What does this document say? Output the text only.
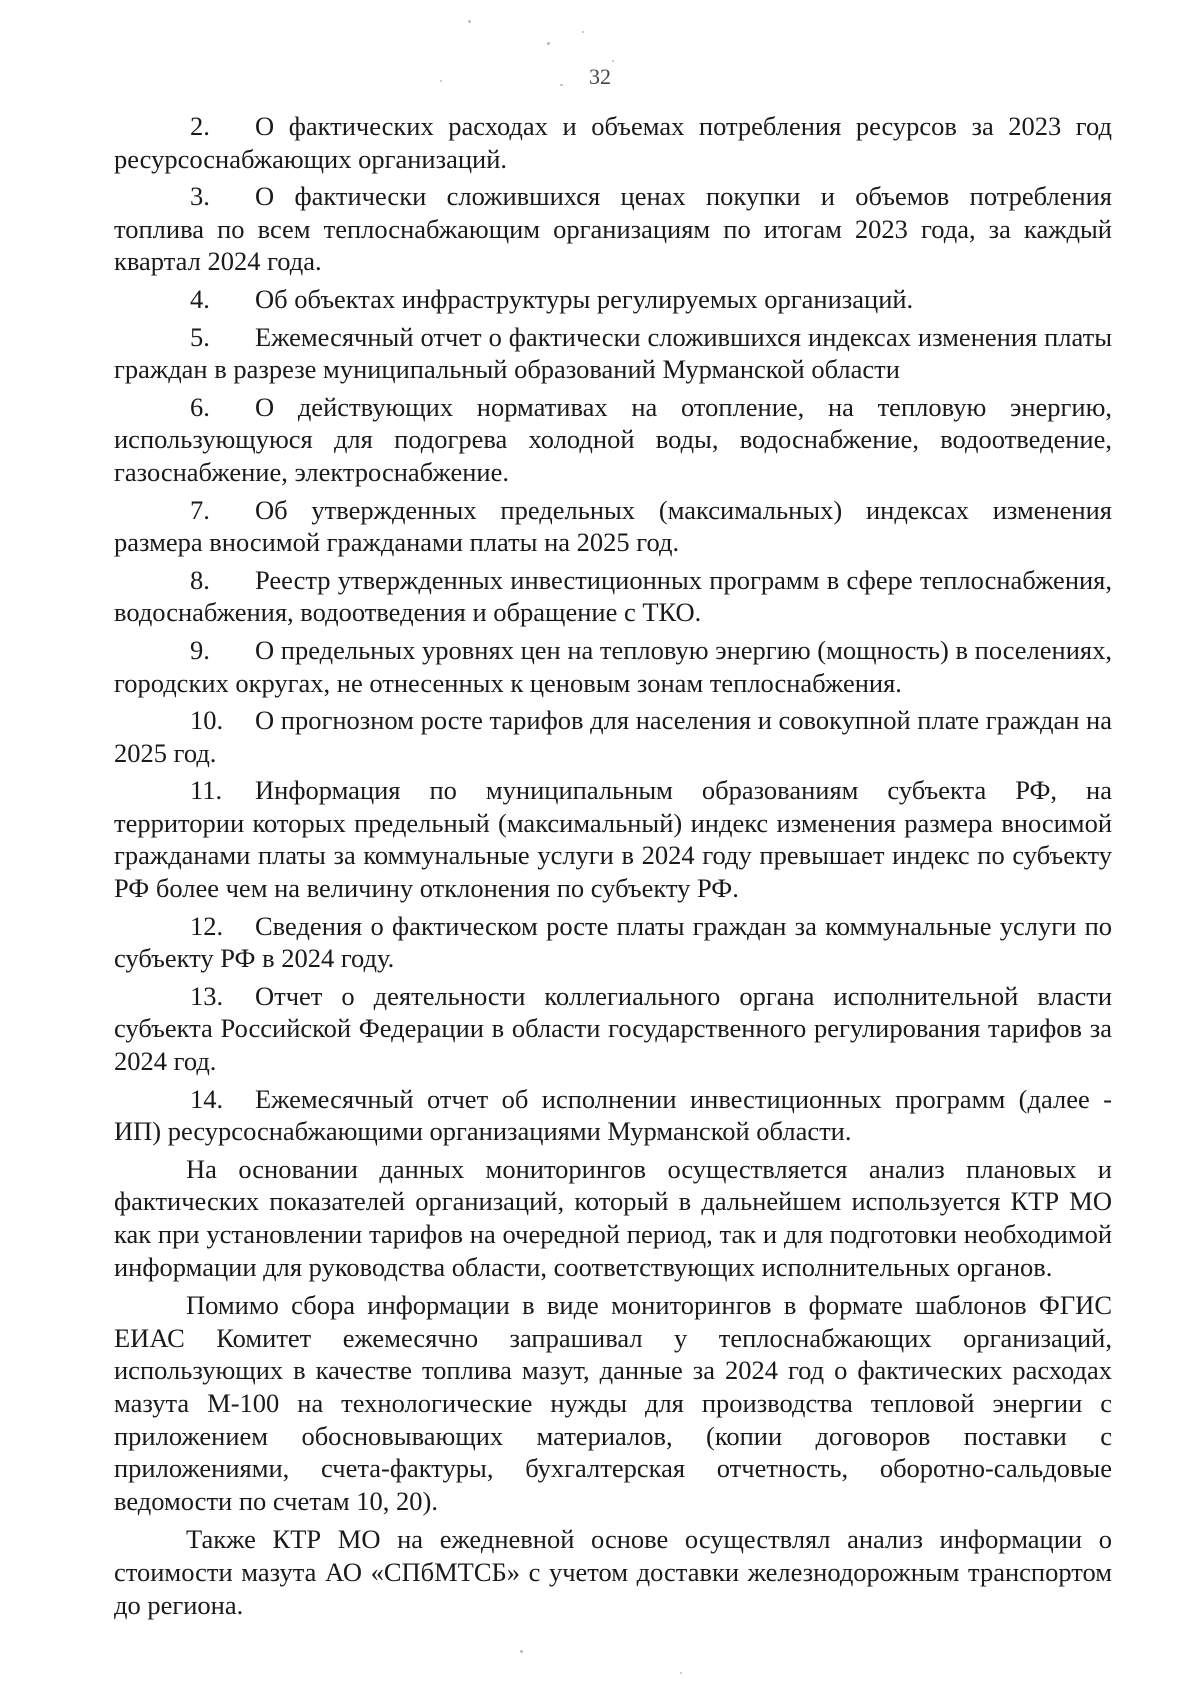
32

2. О фактических расходах и объемах потребления ресурсов за 2023 год ресурсоснабжающих организаций.

3. О фактически сложившихся ценах покупки и объемов потребления топлива по всем теплоснабжающим организациям по итогам 2023 года, за каждый квартал 2024 года.

4. Об объектах инфраструктуры регулируемых организаций.

5. Ежемесячный отчет о фактически сложившихся индексах изменения платы граждан в разрезе муниципальный образований Мурманской области

6. О действующих нормативах на отопление, на тепловую энергию, использующуюся для подогрева холодной воды, водоснабжение, водоотведение, газоснабжение, электроснабжение.

7. Об утвержденных предельных (максимальных) индексах изменения размера вносимой гражданами платы на 2025 год.

8. Реестр утвержденных инвестиционных программ в сфере теплоснабжения, водоснабжения, водоотведения и обращение с ТКО.

9. О предельных уровнях цен на тепловую энергию (мощность) в поселениях, городских округах, не отнесенных к ценовым зонам теплоснабжения.

10. О прогнозном росте тарифов для населения и совокупной плате граждан на 2025 год.

11. Информация по муниципальным образованиям субъекта РФ, на территории которых предельный (максимальный) индекс изменения размера вносимой гражданами платы за коммунальные услуги в 2024 году превышает индекс по субъекту РФ более чем на величину отклонения по субъекту РФ.

12. Сведения о фактическом росте платы граждан за коммунальные услуги по субъекту РФ в 2024 году.

13. Отчет о деятельности коллегиального органа исполнительной власти субъекта Российской Федерации в области государственного регулирования тарифов за 2024 год.

14. Ежемесячный отчет об исполнении инвестиционных программ (далее - ИП) ресурсоснабжающими организациями Мурманской области.

На основании данных мониторингов осуществляется анализ плановых и фактических показателей организаций, который в дальнейшем используется КТР МО как при установлении тарифов на очередной период, так и для подготовки необходимой информации для руководства области, соответствующих исполнительных органов.

Помимо сбора информации в виде мониторингов в формате шаблонов ФГИС ЕИАС Комитет ежемесячно запрашивал у теплоснабжающих организаций, использующих в качестве топлива мазут, данные за 2024 год о фактических расходах мазута М-100 на технологические нужды для производства тепловой энергии с приложением обосновывающих материалов, (копии договоров поставки с приложениями, счета-фактуры, бухгалтерская отчетность, оборотно-сальдовые ведомости по счетам 10, 20).

Также КТР МО на ежедневной основе осуществлял анализ информации о стоимости мазута АО «СПбМТСБ» с учетом доставки железнодорожным транспортом до региона.
